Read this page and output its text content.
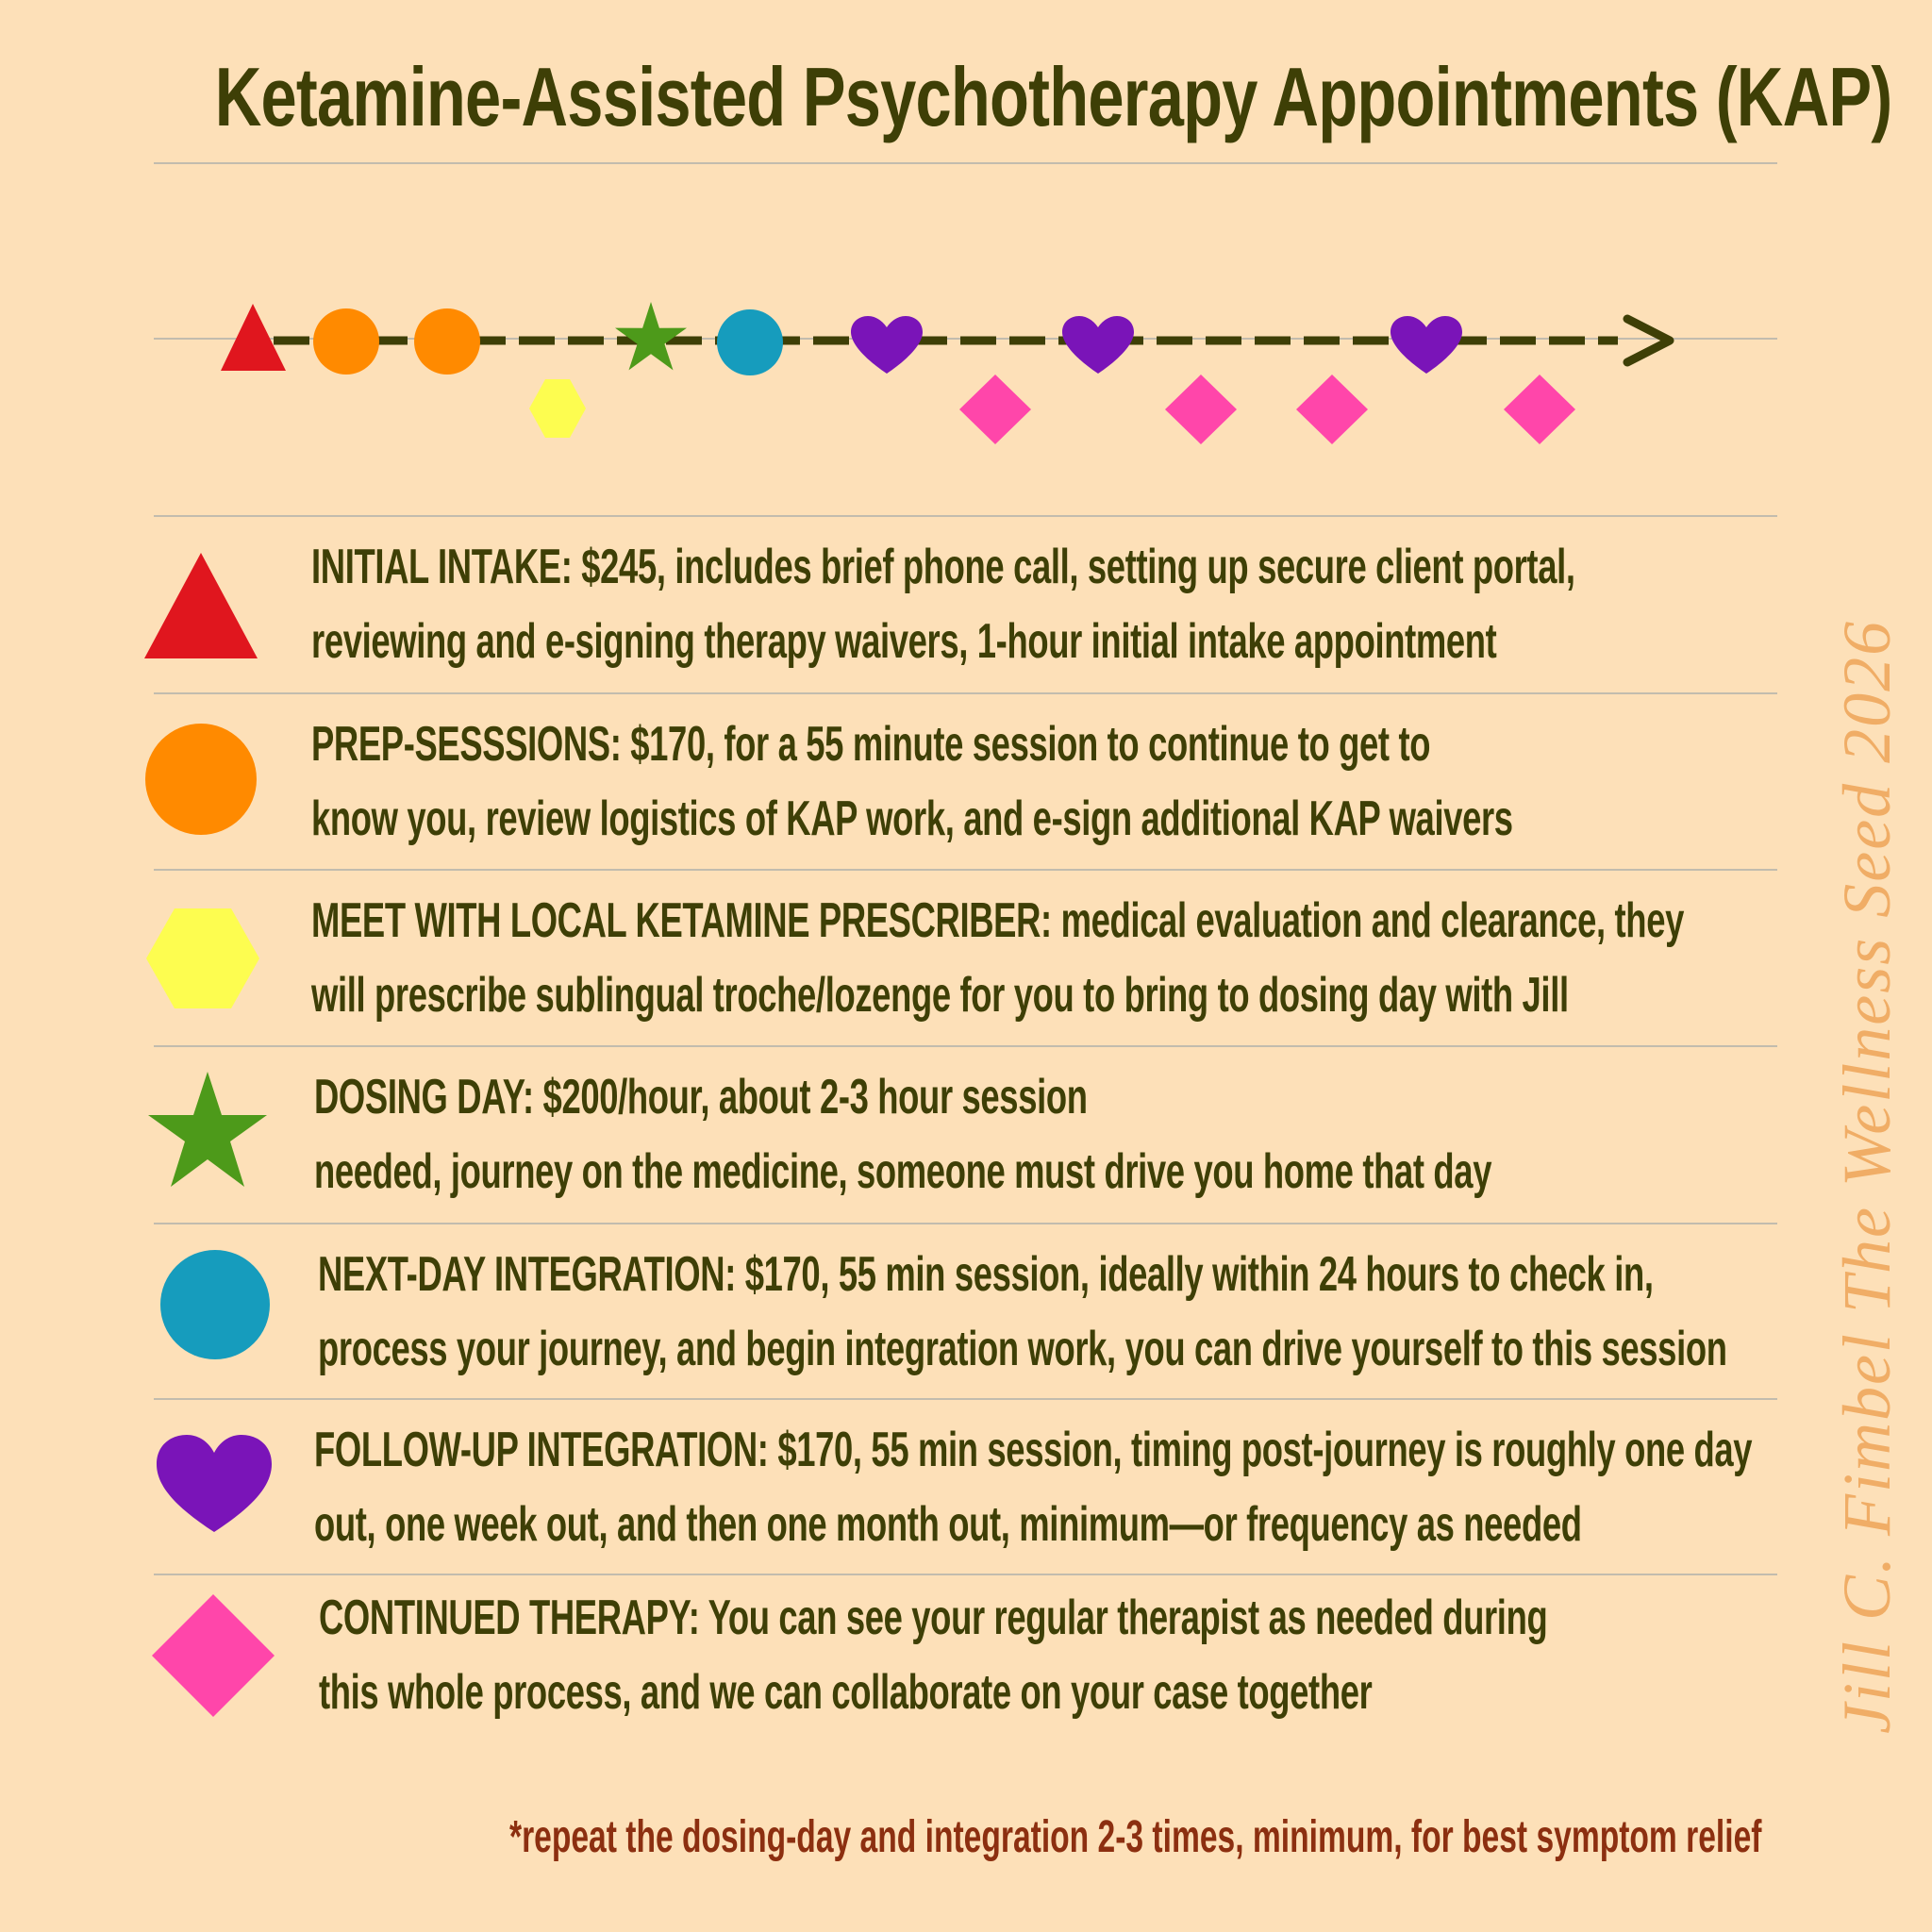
Ketamine-Assisted Psychotherapy Appointments (KAP)
INITIAL INTAKE: $245, includes brief phone call, setting up secure client portal,
reviewing and e-signing therapy waivers, 1-hour initial intake appointment
PREP-SESSSIONS: $170, for a 55 minute session to continue to get to
know you, review logistics of KAP work, and e-sign additional KAP waivers
MEET WITH LOCAL KETAMINE PRESCRIBER: medical evaluation and clearance, they
will prescribe sublingual troche/lozenge for you to bring to dosing day with Jill
DOSING DAY: $200/hour, about 2-3 hour session
needed, journey on the medicine, someone must drive you home that day
NEXT-DAY INTEGRATION: $170, 55 min session, ideally within 24 hours to check in,
process your journey, and begin integration work, you can drive yourself to this session
FOLLOW-UP INTEGRATION: $170, 55 min session, timing post-journey is roughly one day
out, one week out, and then one month out, minimum—or frequency as needed
CONTINUED THERAPY: You can see your regular therapist as needed during
this whole process, and we can collaborate on your case together
*repeat the dosing-day and integration 2-3 times, minimum, for best symptom relief
Jill C. Fimbel The Wellness Seed 2026
